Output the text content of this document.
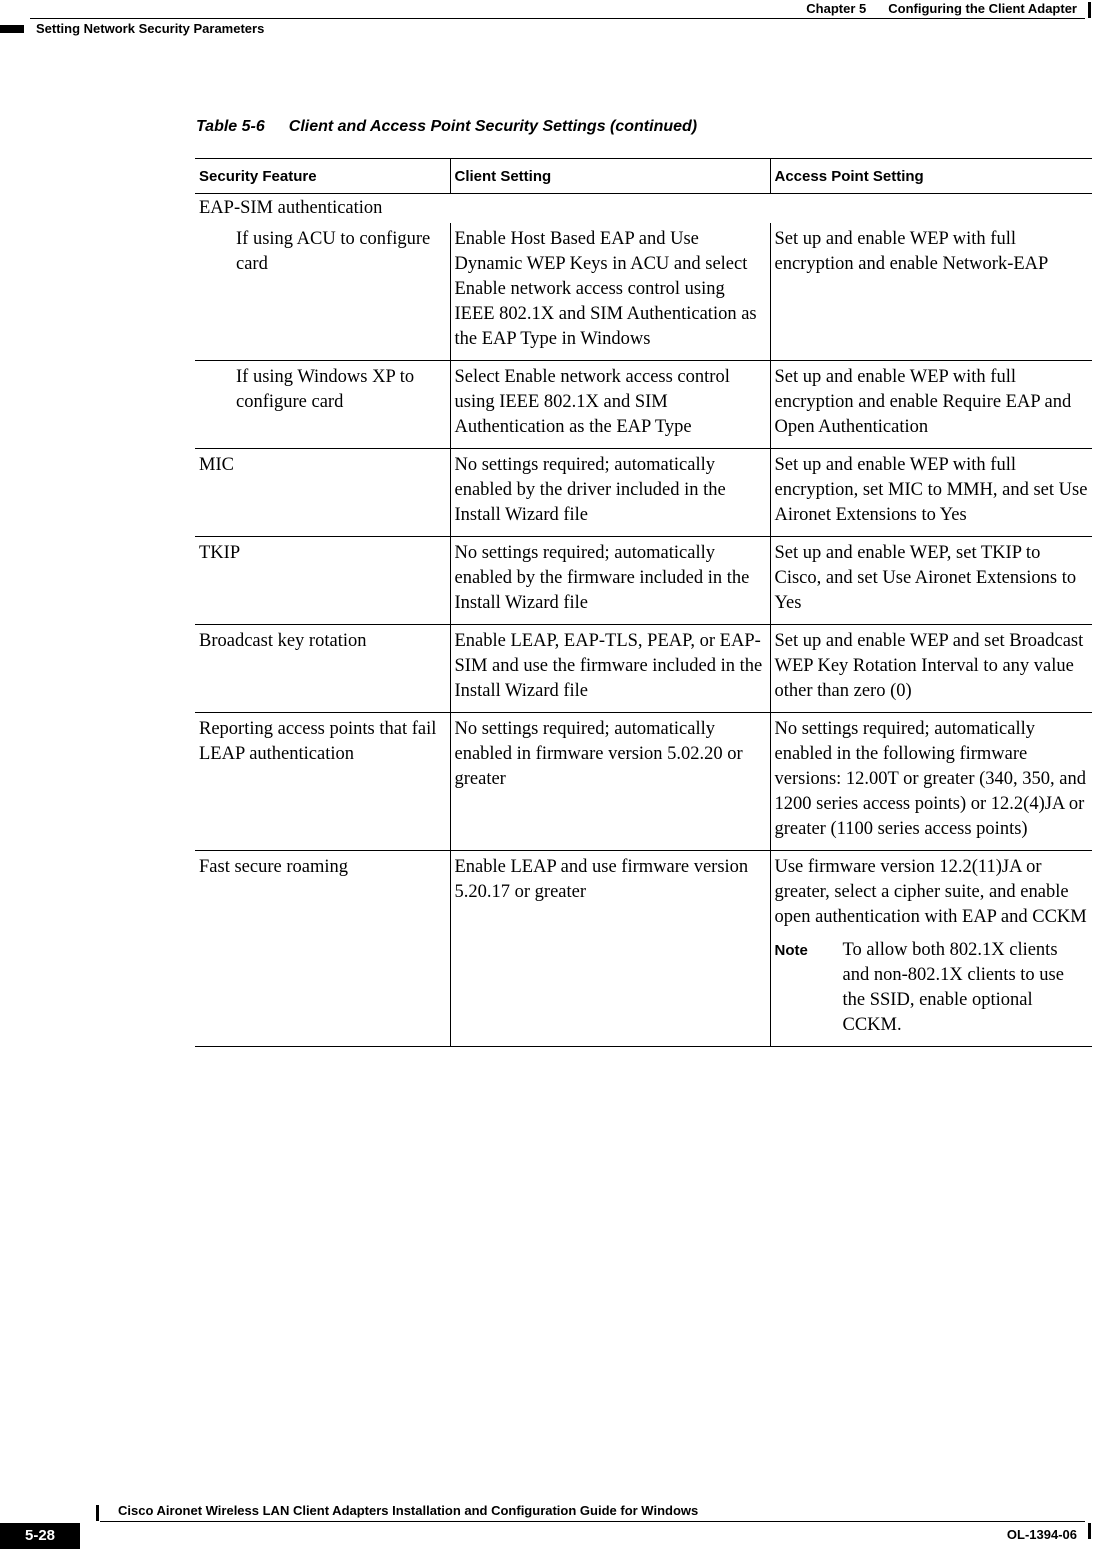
Chapter 5 Configuring the Client Adapter
Setting Network Security Parameters
Table 5-6 Client and Access Point Security Settings (continued)
Security Feature	Client Setting	Access Point Setting
EAP-SIM authentication		
If using ACU to configure card	Enable Host Based EAP and Use Dynamic WEP Keys in ACU and select Enable network access control using IEEE 802.1X and SIM Authentication as the EAP Type in Windows	Set up and enable WEP with full encryption and enable Network-EAP
If using Windows XP to configure card	Select Enable network access control using IEEE 802.1X and SIM Authentication as the EAP Type	Set up and enable WEP with full encryption and enable Require EAP and Open Authentication
MIC	No settings required; automatically enabled by the driver included in the Install Wizard file	Set up and enable WEP with full encryption, set MIC to MMH, and set Use Aironet Extensions to Yes
TKIP	No settings required; automatically enabled by the firmware included in the Install Wizard file	Set up and enable WEP, set TKIP to Cisco, and set Use Aironet Extensions to Yes
Broadcast key rotation	Enable LEAP, EAP-TLS, PEAP, or EAP-SIM and use the firmware included in the Install Wizard file	Set up and enable WEP and set Broadcast WEP Key Rotation Interval to any value other than zero (0)
Reporting access points that fail LEAP authentication	No settings required; automatically enabled in firmware version 5.02.20 or greater	No settings required; automatically enabled in the following firmware versions: 12.00T or greater (340, 350, and 1200 series access points) or 12.2(4)JA or greater (1100 series access points)
Fast secure roaming	Enable LEAP and use firmware version 5.20.17 or greater	Use firmware version 12.2(11)JA or greater, select a cipher suite, and enable open authentication with EAP and CCKM
Note To allow both 802.1X clients and non-802.1X clients to use the SSID, enable optional CCKM.
Cisco Aironet Wireless LAN Client Adapters Installation and Configuration Guide for Windows
5-28	OL-1394-06
